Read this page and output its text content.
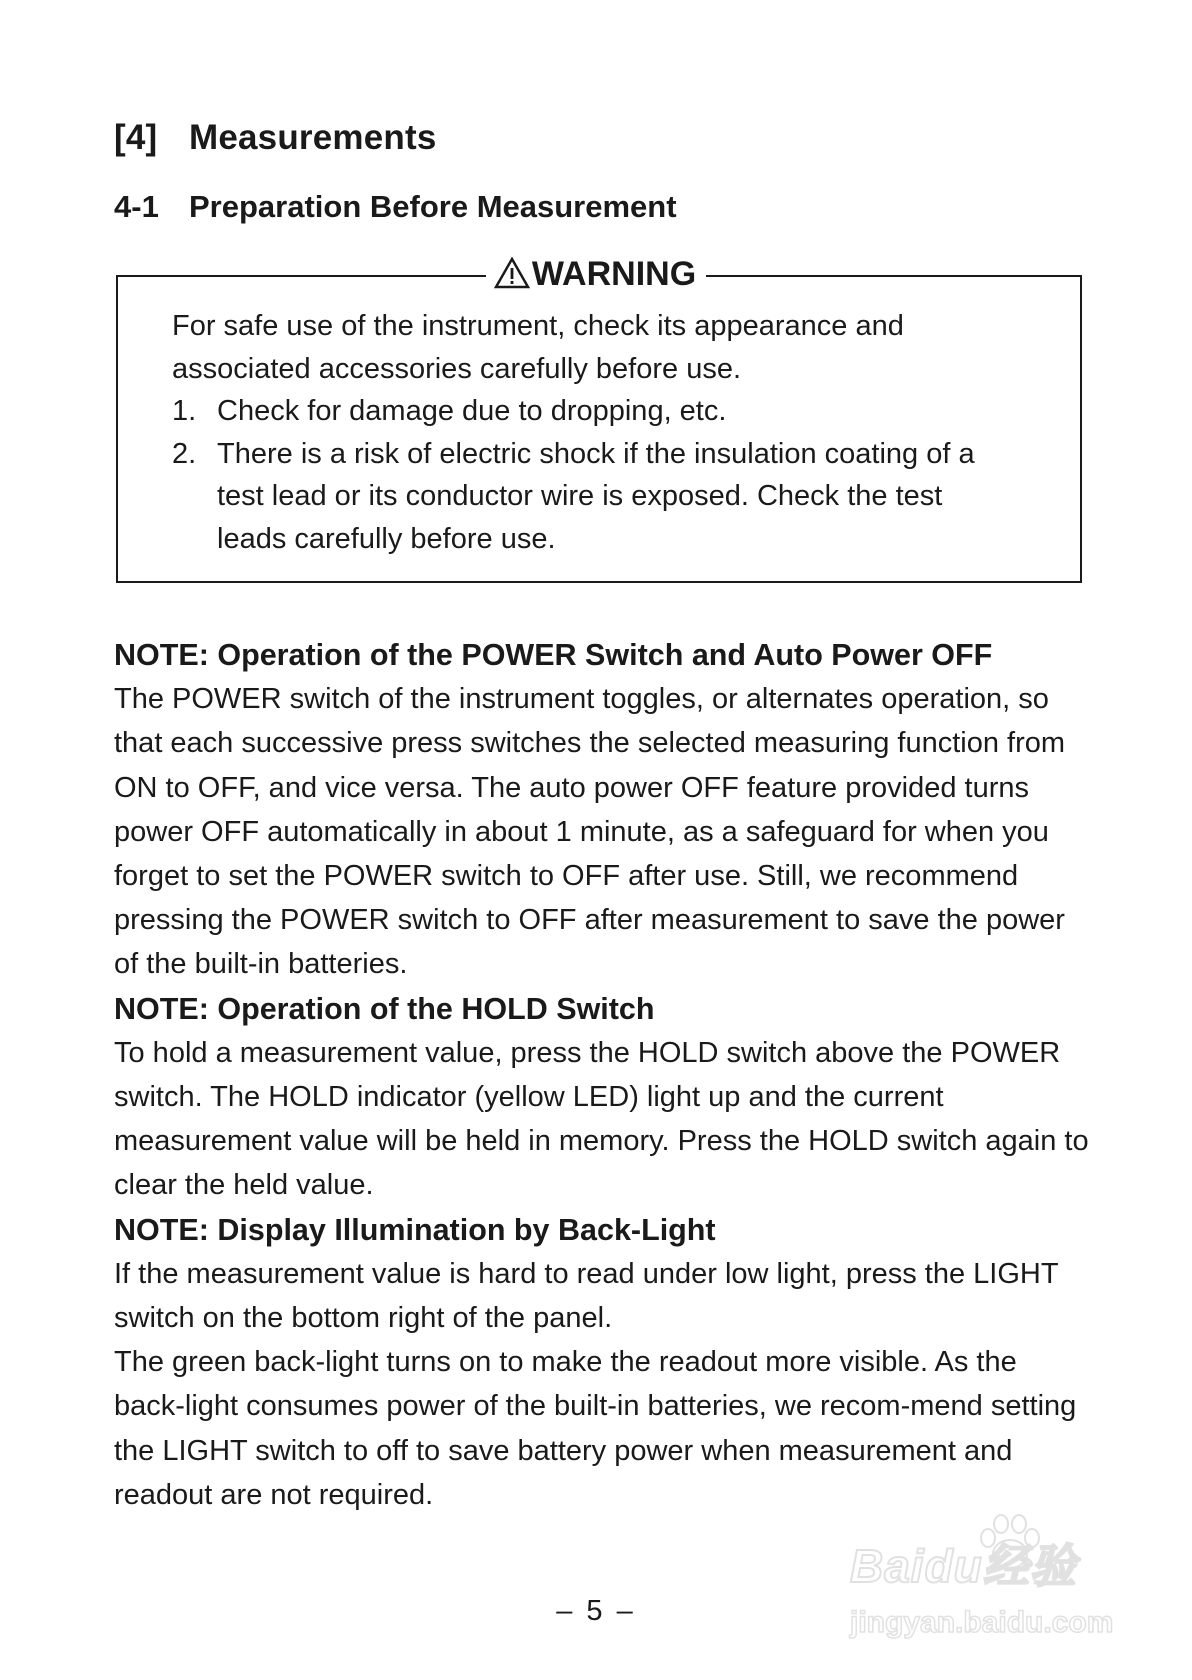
[4] Measurements
4-1 Preparation Before Measurement
WARNING

For safe use of the instrument, check its appearance and associated accessories carefully before use.

1. Check for damage due to dropping, etc.
2. There is a risk of electric shock if the insulation coating of a test lead or its conductor wire is exposed. Check the test leads carefully before use.

NOTE: Operation of the POWER Switch and Auto Power OFF

The POWER switch of the instrument toggles, or alternates operation, so that each successive press switches the selected measuring function from ON to OFF, and vice versa. The auto power OFF feature provided turns power OFF automatically in about 1 minute, as a safeguard for when you forget to set the POWER switch to OFF after use. Still, we recommend pressing the POWER switch to OFF after measurement to save the power of the built-in batteries.

NOTE: Operation of the HOLD Switch

To hold a measurement value, press the HOLD switch above the POWER switch. The HOLD indicator (yellow LED) light up and the current measurement value will be held in memory. Press the HOLD switch again to clear the held value.

NOTE: Display Illumination by Back-Light

If the measurement value is hard to read under low light, press the LIGHT switch on the bottom right of the panel.

The green back-light turns on to make the readout more visible. As the back-light consumes power of the built-in batteries, we recom-mend setting the LIGHT switch to off to save battery power when measurement and readout are not required.

– 5 –
Baidu经验
jingyan.baidu.com
